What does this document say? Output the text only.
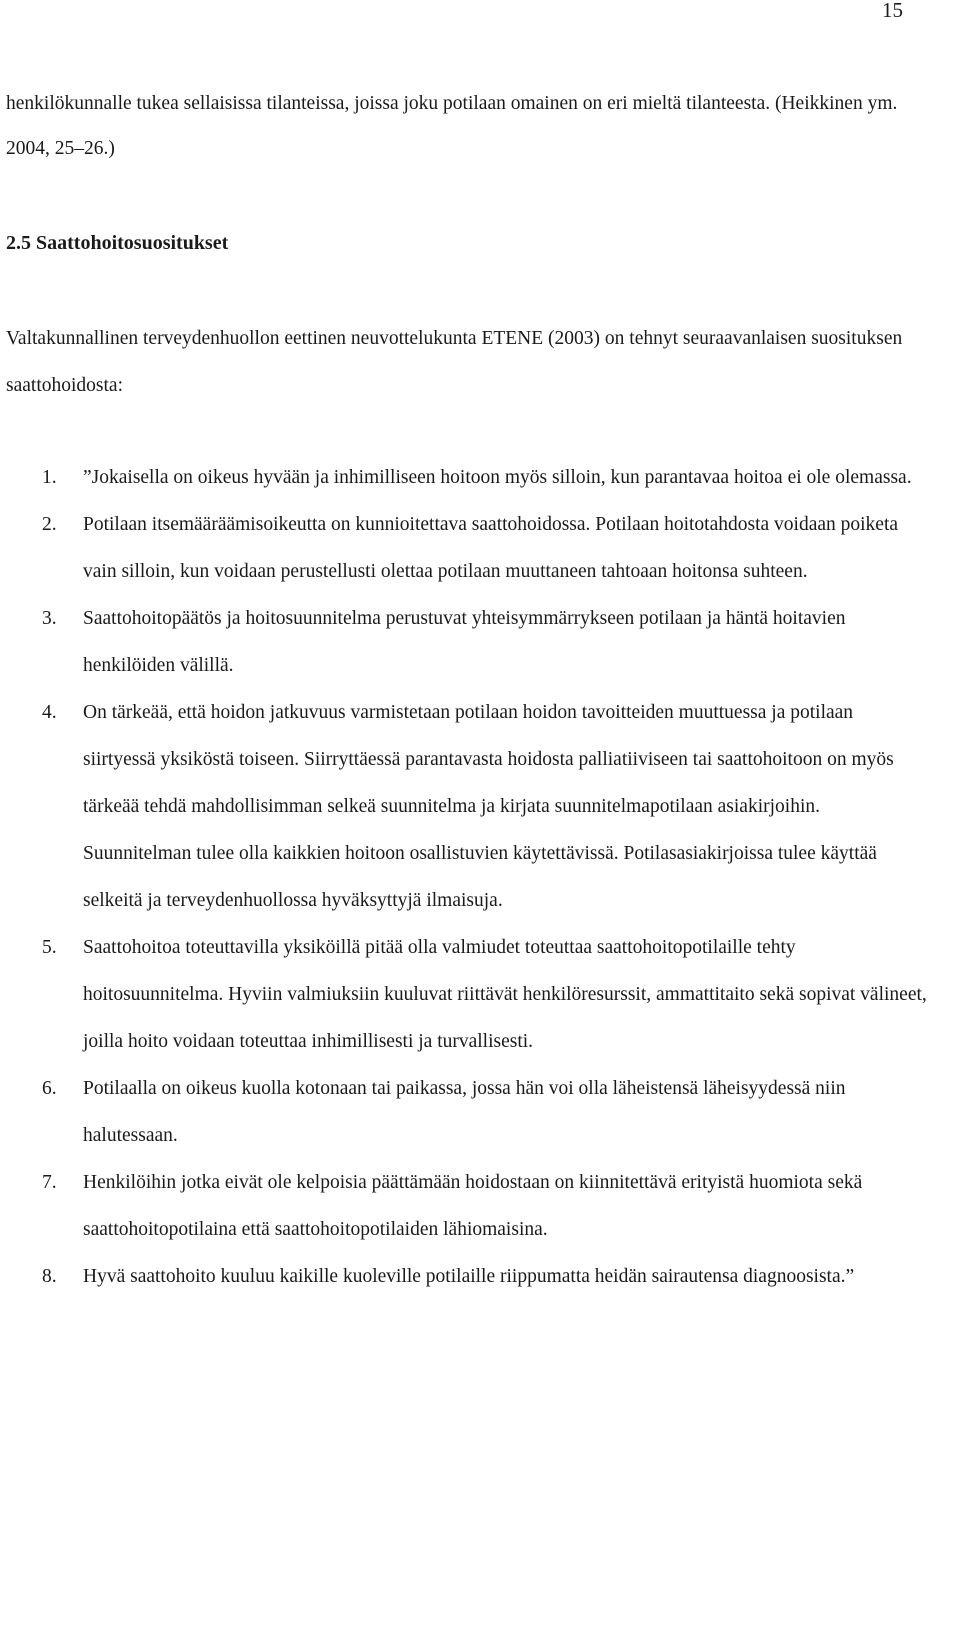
15

henkilökunnalle tukea sellaisissa tilanteissa, joissa joku potilaan omainen on eri mieltä tilanteesta. (Heikkinen ym. 2004, 25–26.)

2.5 Saattohoitosuositukset

Valtakunnallinen terveydenhuollon eettinen neuvottelukunta ETENE (2003) on tehnyt seuraavanlaisen suosituksen saattohoidosta:

1. ”Jokaisella on oikeus hyvään ja inhimilliseen hoitoon myös silloin, kun parantavaa hoitoa ei ole olemassa.
2. Potilaan itsemääräämisoikeutta on kunnioitettava saattohoidossa. Potilaan hoitotahdosta voidaan poiketa vain silloin, kun voidaan perustellusti olettaa potilaan muuttaneen tahtoaan hoitonsa suhteen.
3. Saattohoitopäätös ja hoitosuunnitelma perustuvat yhteisymmärrykseen potilaan ja häntä hoitavien henkilöiden välillä.
4. On tärkeää, että hoidon jatkuvuus varmistetaan potilaan hoidon tavoitteiden muuttuessa ja potilaan siirtyessä yksiköstä toiseen. Siirryttäessä parantavasta hoidosta palliatiiviseen tai saattohoitoon on myös tärkeää tehdä mahdollisimman selkeä suunnitelma ja kirjata suunnitelmapotilaan asiakirjoihin. Suunnitelman tulee olla kaikkien hoitoon osallistuvien käytettävissä. Potilasasiakirjoissa tulee käyttää selkeitä ja terveydenhuollossa hyväksyttyjä ilmaisuja.
5. Saattohoitoa toteuttavilla yksiköillä pitää olla valmiudet toteuttaa saattohoitopotilaille tehty hoitosuunnitelma. Hyviin valmiuksiin kuuluvat riittävät henkilöresurssit, ammattitaito sekä sopivat välineet, joilla hoito voidaan toteuttaa inhimillisesti ja turvallisesti.
6. Potilaalla on oikeus kuolla kotonaan tai paikassa, jossa hän voi olla läheistensä läheisyydessä niin halutessaan.
7. Henkilöihin jotka eivät ole kelpoisia päättämään hoidostaan on kiinnitettävä erityistä huomiota sekä saattohoitopotilaina että saattohoitopotilaiden lähiomaisina.
8. Hyvä saattohoito kuuluu kaikille kuoleville potilaille riippumatta heidän sairautensa diagnoosista.”
